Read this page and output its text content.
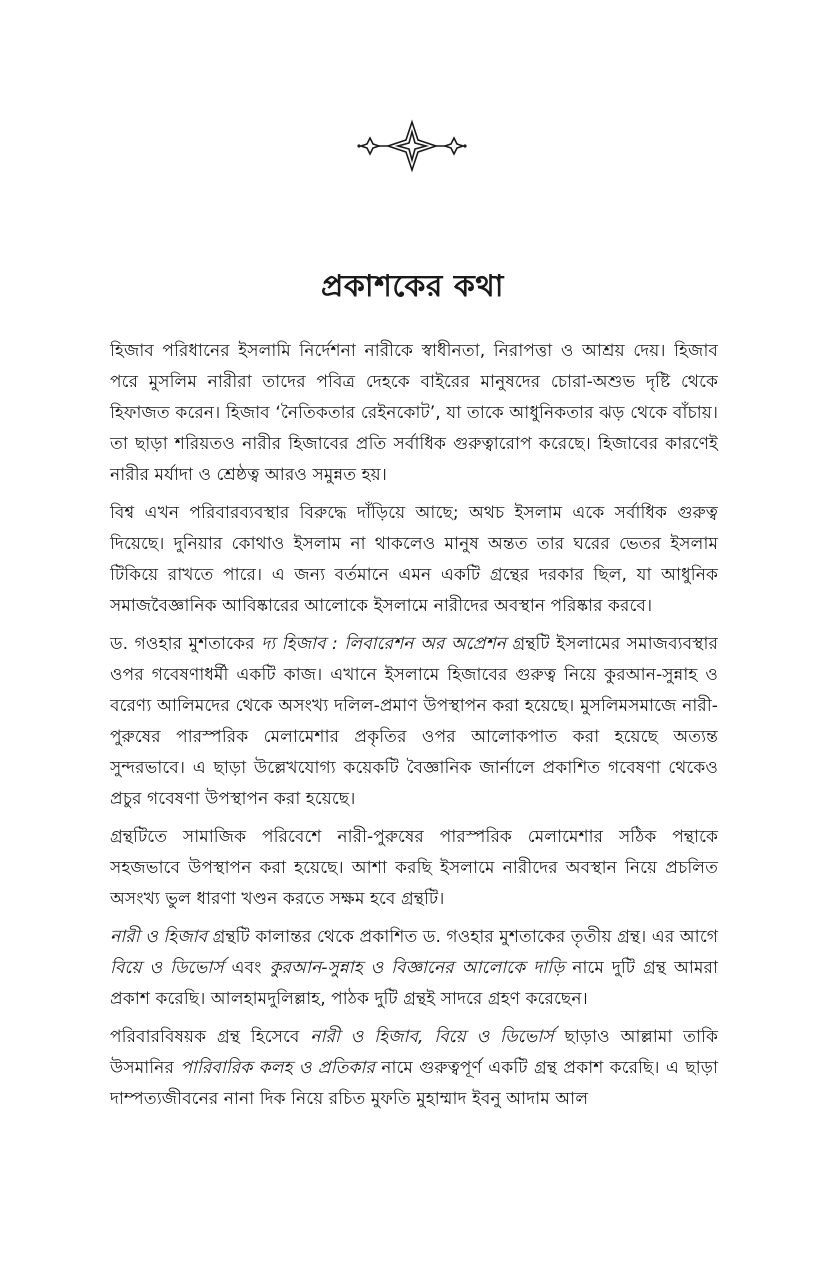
প্রকাশকের কথা

হিজাব পরিধানের ইসলামি নির্দেশনা নারীকে স্বাধীনতা, নিরাপত্তা ও আশ্রয় দেয়। হিজাব পরে মুসলিম নারীরা তাদের পবিত্র দেহকে বাইরের মানুষদের চোরা-অশুভ দৃষ্টি থেকে হিফাজত করেন। হিজাব ‘নৈতিকতার রেইনকোট’, যা তাকে আধুনিকতার ঝড় থেকে বাঁচায়। তা ছাড়া শরিয়তও নারীর হিজাবের প্রতি সর্বাধিক গুরুত্বারোপ করেছে। হিজাবের কারণেই নারীর মর্যাদা ও শ্রেষ্ঠত্ব আরও সমুন্নত হয়।

বিশ্ব এখন পরিবারব্যবস্থার বিরুদ্ধে দাঁড়িয়ে আছে; অথচ ইসলাম একে সর্বাধিক গুরুত্ব দিয়েছে। দুনিয়ার কোথাও ইসলাম না থাকলেও মানুষ অন্তত তার ঘরের ভেতর ইসলাম টিকিয়ে রাখতে পারে। এ জন্য বর্তমানে এমন একটি গ্রন্থের দরকার ছিল, যা আধুনিক সমাজবৈজ্ঞানিক আবিষ্কারের আলোকে ইসলামে নারীদের অবস্থান পরিষ্কার করবে।

ড. গওহার মুশতাকের দ্য হিজাব : লিবারেশন অর অপ্রেশন গ্রন্থটি ইসলামের সমাজব্যবস্থার ওপর গবেষণাধর্মী একটি কাজ। এখানে ইসলামে হিজাবের গুরুত্ব নিয়ে কুরআন-সুন্নাহ ও বরেণ্য আলিমদের থেকে অসংখ্য দলিল-প্রমাণ উপস্থাপন করা হয়েছে। মুসলিমসমাজে নারী-পুরুষের পারস্পরিক মেলামেশার প্রকৃতির ওপর আলোকপাত করা হয়েছে অত্যন্ত সুন্দরভাবে। এ ছাড়া উল্লেখযোগ্য কয়েকটি বৈজ্ঞানিক জার্নালে প্রকাশিত গবেষণা থেকেও প্রচুর গবেষণা উপস্থাপন করা হয়েছে।

গ্রন্থটিতে সামাজিক পরিবেশে নারী-পুরুষের পারস্পরিক মেলামেশার সঠিক পন্থাকে সহজভাবে উপস্থাপন করা হয়েছে। আশা করছি ইসলামে নারীদের অবস্থান নিয়ে প্রচলিত অসংখ্য ভুল ধারণা খণ্ডন করতে সক্ষম হবে গ্রন্থটি।

নারী ও হিজাব গ্রন্থটি কালান্তর থেকে প্রকাশিত ড. গওহার মুশতাকের তৃতীয় গ্রন্থ। এর আগে বিয়ে ও ডিভোর্স এবং কুরআন-সুন্নাহ ও বিজ্ঞানের আলোকে দাড়ি নামে দুটি গ্রন্থ আমরা প্রকাশ করেছি। আলহামদুলিল্লাহ, পাঠক দুটি গ্রন্থই সাদরে গ্রহণ করেছেন।

পরিবারবিষয়ক গ্রন্থ হিসেবে নারী ও হিজাব, বিয়ে ও ডিভোর্স ছাড়াও আল্লামা তাকি উসমানির পারিবারিক কলহ ও প্রতিকার নামে গুরুত্বপূর্ণ একটি গ্রন্থ প্রকাশ করেছি। এ ছাড়া দাম্পত্যজীবনের নানা দিক নিয়ে রচিত মুফতি মুহাম্মাদ ইবনু আদাম আল
